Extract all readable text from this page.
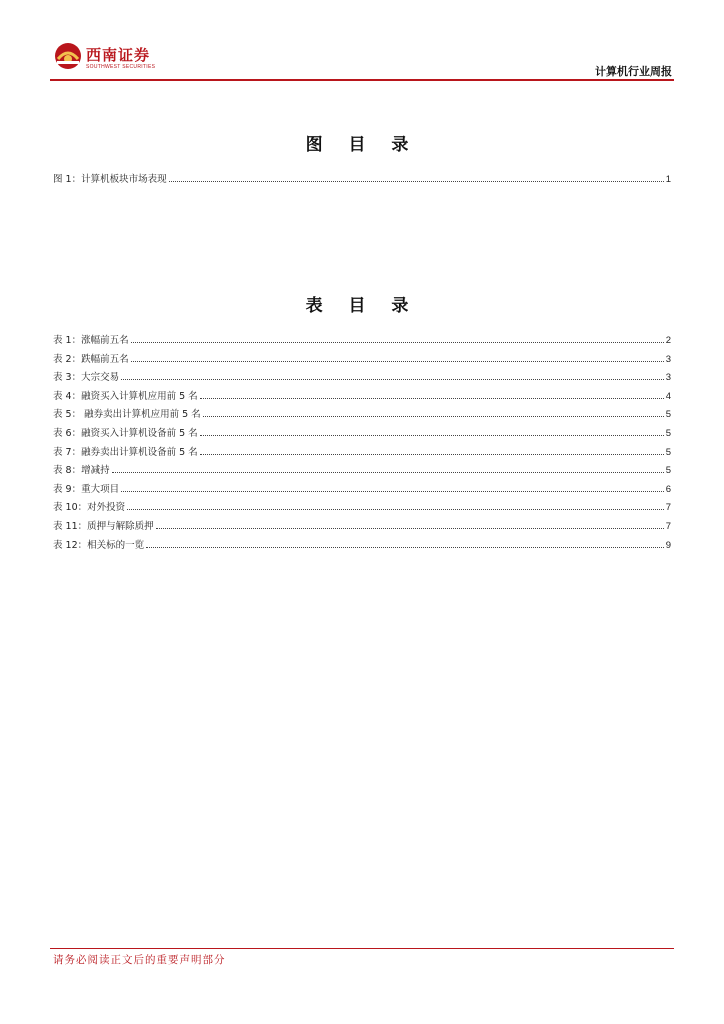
西南证券
SOUTHWEST SECURITIES	计算机行业周报
图 目 录
图 1：计算机板块市场表现	1
表 目 录
表 1：涨幅前五名	2
表 2：跌幅前五名	3
表 3：大宗交易	3
表 4：融资买入计算机应用前 5 名	4
表 5： 融券卖出计算机应用前 5 名	5
表 6：融资买入计算机设备前 5 名	5
表 7：融券卖出计算机设备前 5 名	5
表 8：增减持	5
表 9：重大项目	6
表 10：对外投资	7
表 11：质押与解除质押	7
表 12：相关标的一览	9
请务必阅读正文后的重要声明部分
